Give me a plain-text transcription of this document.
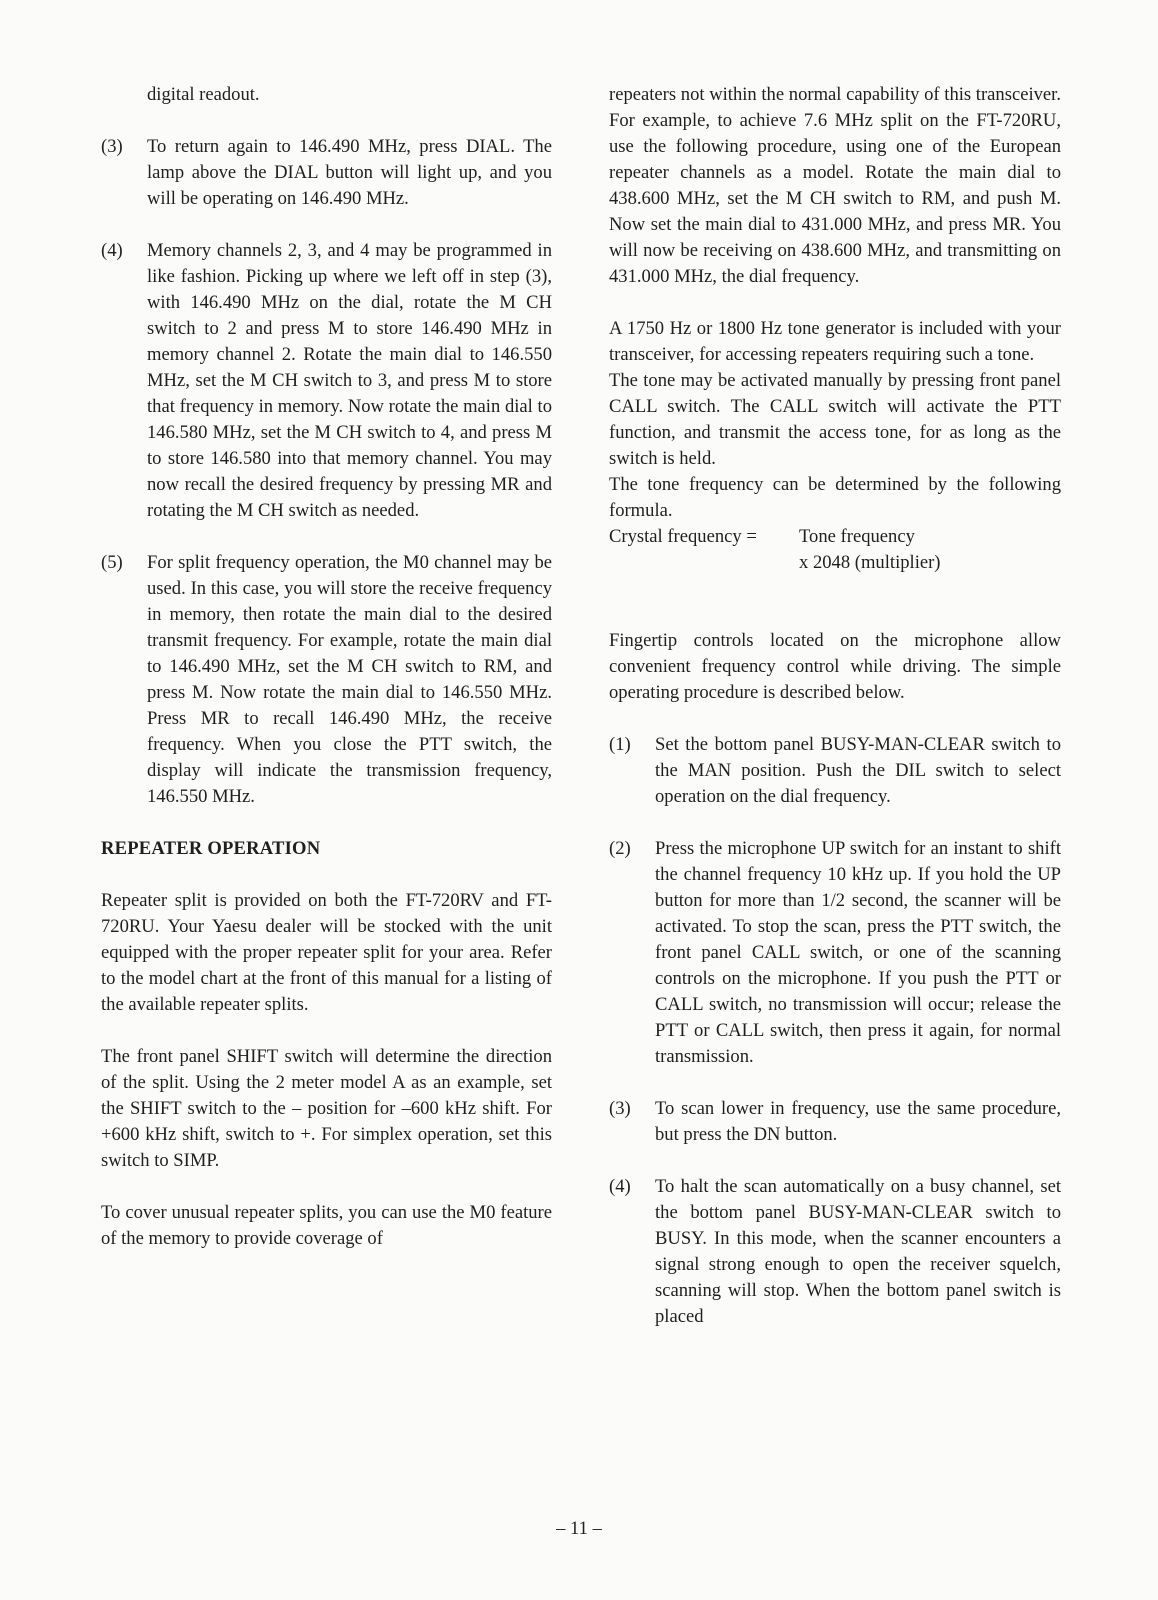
digital readout.
(3)	To return again to 146.490 MHz, press DIAL. The lamp above the DIAL button will light up, and you will be operating on 146.490 MHz.
(4)	Memory channels 2, 3, and 4 may be programmed in like fashion. Picking up where we left off in step (3), with 146.490 MHz on the dial, rotate the M CH switch to 2 and press M to store 146.490 MHz in memory channel 2. Rotate the main dial to 146.550 MHz, set the M CH switch to 3, and press M to store that frequency in memory. Now rotate the main dial to 146.580 MHz, set the M CH switch to 4, and press M to store 146.580 into that memory channel. You may now recall the desired frequency by pressing MR and rotating the M CH switch as needed.
(5)	For split frequency operation, the M0 channel may be used. In this case, you will store the receive frequency in memory, then rotate the main dial to the desired transmit frequency. For example, rotate the main dial to 146.490 MHz, set the M CH switch to RM, and press M. Now rotate the main dial to 146.550 MHz. Press MR to recall 146.490 MHz, the receive frequency. When you close the PTT switch, the display will indicate the transmission frequency, 146.550 MHz.
REPEATER OPERATION

Repeater split is provided on both the FT-720RV and FT-720RU. Your Yaesu dealer will be stocked with the unit equipped with the proper repeater split for your area. Refer to the model chart at the front of this manual for a listing of the available repeater splits.

The front panel SHIFT switch will determine the direction of the split. Using the 2 meter model A as an example, set the SHIFT switch to the – position for –600 kHz shift. For +600 kHz shift, switch to +. For simplex operation, set this switch to SIMP.

To cover unusual repeater splits, you can use the M0 feature of the memory to provide coverage of

repeaters not within the normal capability of this transceiver. For example, to achieve 7.6 MHz split on the FT-720RU, use the following procedure, using one of the European repeater channels as a model. Rotate the main dial to 438.600 MHz, set the M CH switch to RM, and push M. Now set the main dial to 431.000 MHz, and press MR. You will now be receiving on 438.600 MHz, and transmitting on 431.000 MHz, the dial frequency.

A 1750 Hz or 1800 Hz tone generator is included with your transceiver, for accessing repeaters requiring such a tone.

The tone may be activated manually by pressing front panel CALL switch. The CALL switch will activate the PTT function, and transmit the access tone, for as long as the switch is held.

The tone frequency can be determined by the following formula.

Crystal frequency =	Tone frequency
x 2048 (multiplier)

Fingertip controls located on the microphone allow convenient frequency control while driving. The simple operating procedure is described below.

(1)	Set the bottom panel BUSY-MAN-CLEAR switch to the MAN position. Push the DIL switch to select operation on the dial frequency.
(2)	Press the microphone UP switch for an instant to shift the channel frequency 10 kHz up. If you hold the UP button for more than 1/2 second, the scanner will be activated. To stop the scan, press the PTT switch, the front panel CALL switch, or one of the scanning controls on the microphone. If you push the PTT or CALL switch, no transmission will occur; release the PTT or CALL switch, then press it again, for normal transmission.
(3)	To scan lower in frequency, use the same procedure, but press the DN button.
(4)	To halt the scan automatically on a busy channel, set the bottom panel BUSY-MAN-CLEAR switch to BUSY. In this mode, when the scanner encounters a signal strong enough to open the receiver squelch, scanning will stop. When the bottom panel switch is placed
– 11 –
